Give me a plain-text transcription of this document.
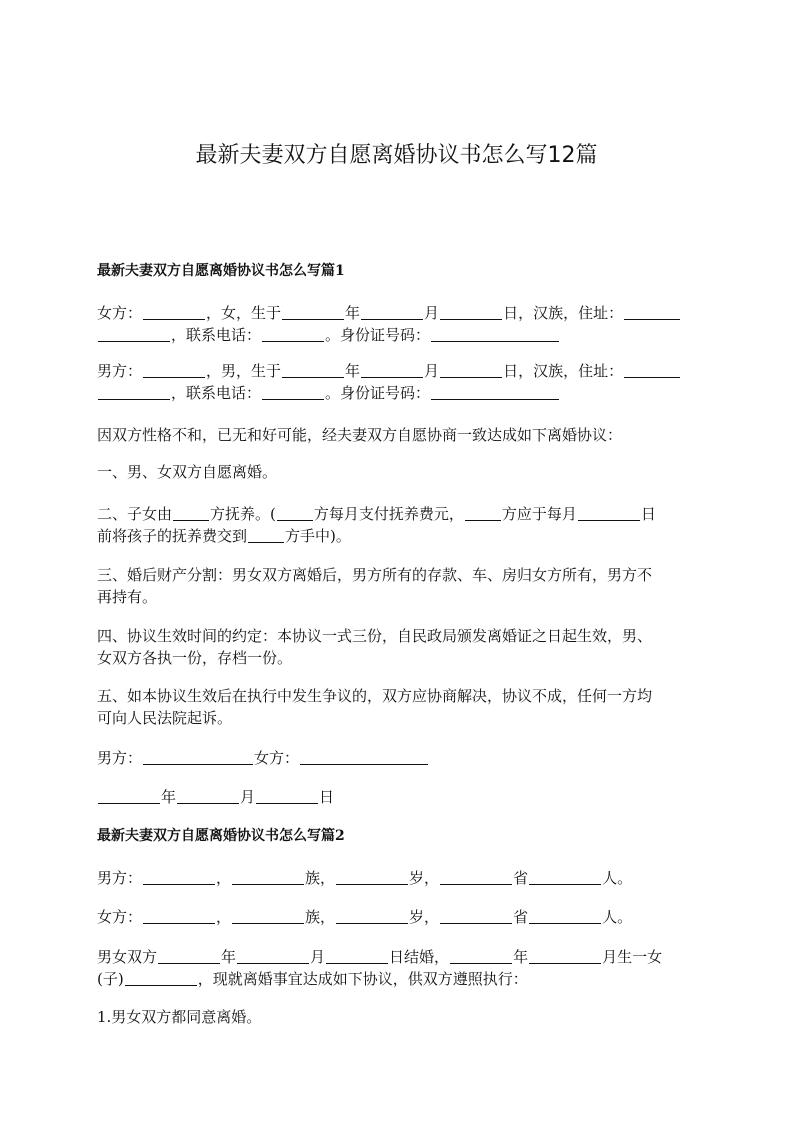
最新夫妻双方自愿离婚协议书怎么写12篇
最新夫妻双方自愿离婚协议书怎么写篇1
女方：	，女，生于	年	月	日，汉族，住址：
，联系电话：	。身份证号码：
男方：	，男，生于	年	月	日，汉族，住址：
，联系电话：	。身份证号码：
因双方性格不和，已无和好可能，经夫妻双方自愿协商一致达成如下离婚协议：
一、男、女双方自愿离婚。
二、子女由	方抚养。(	方每月支付抚养费元，	方应于每月	日
前将孩子的抚养费交到	方手中)。
三、婚后财产分割：男女双方离婚后，男方所有的存款、车、房归女方所有，男方不
再持有。
四、协议生效时间的约定：本协议一式三份，自民政局颁发离婚证之日起生效，男、
女双方各执一份，存档一份。
五、如本协议生效后在执行中发生争议的，双方应协商解决，协议不成，任何一方均
可向人民法院起诉。
男方：	女方：
年	月	日
最新夫妻双方自愿离婚协议书怎么写篇2
男方：	，	族，	岁，	省	人。
女方：	，	族，	岁，	省	人。
男女双方	年	月	日结婚，	年	月生一女
(子)	，现就离婚事宜达成如下协议，供双方遵照执行：
1.男女双方都同意离婚。
